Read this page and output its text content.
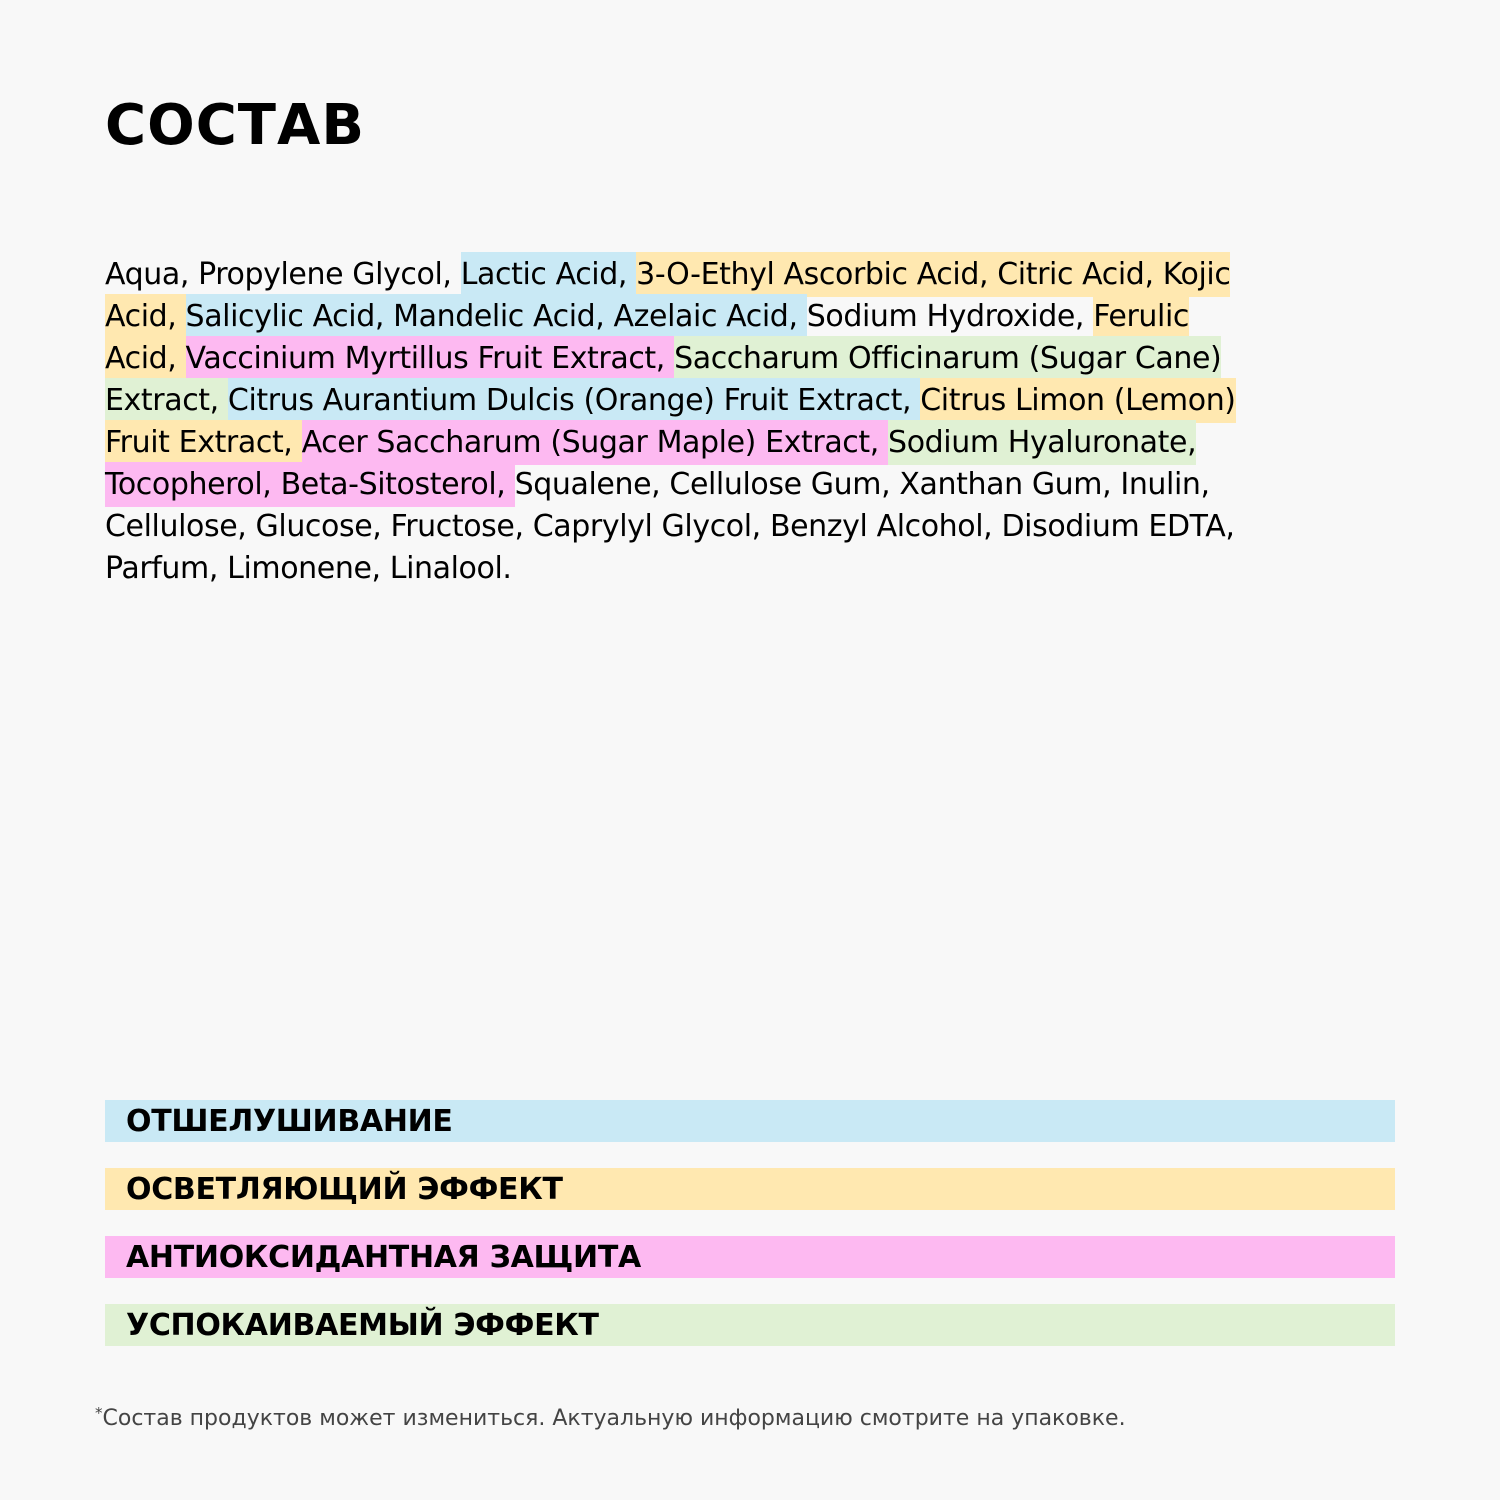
СОСТАВ
Aqua, Propylene Glycol, Lactic Acid, 3-O-Ethyl Ascorbic Acid, Citric Acid, Kojic
Acid, Salicylic Acid, Mandelic Acid, Azelaic Acid, Sodium Hydroxide, Ferulic
Acid, Vaccinium Myrtillus Fruit Extract, Saccharum Officinarum (Sugar Cane)
Extract, Citrus Aurantium Dulcis (Orange) Fruit Extract, Citrus Limon (Lemon)
Fruit Extract, Acer Saccharum (Sugar Maple) Extract, Sodium Hyaluronate,
Tocopherol, Beta-Sitosterol, Squalene, Cellulose Gum, Xanthan Gum, Inulin,
Cellulose, Glucose, Fructose, Caprylyl Glycol, Benzyl Alcohol, Disodium EDTA,
Parfum, Limonene, Linalool.
ОТШЕЛУШИВАНИЕ
ОСВЕТЛЯЮЩИЙ ЭФФЕКТ
АНТИОКСИДАНТНАЯ ЗАЩИТА
УСПОКАИВАЕМЫЙ ЭФФЕКТ
*Состав продуктов может измениться. Актуальную информацию смотрите на упаковке.
